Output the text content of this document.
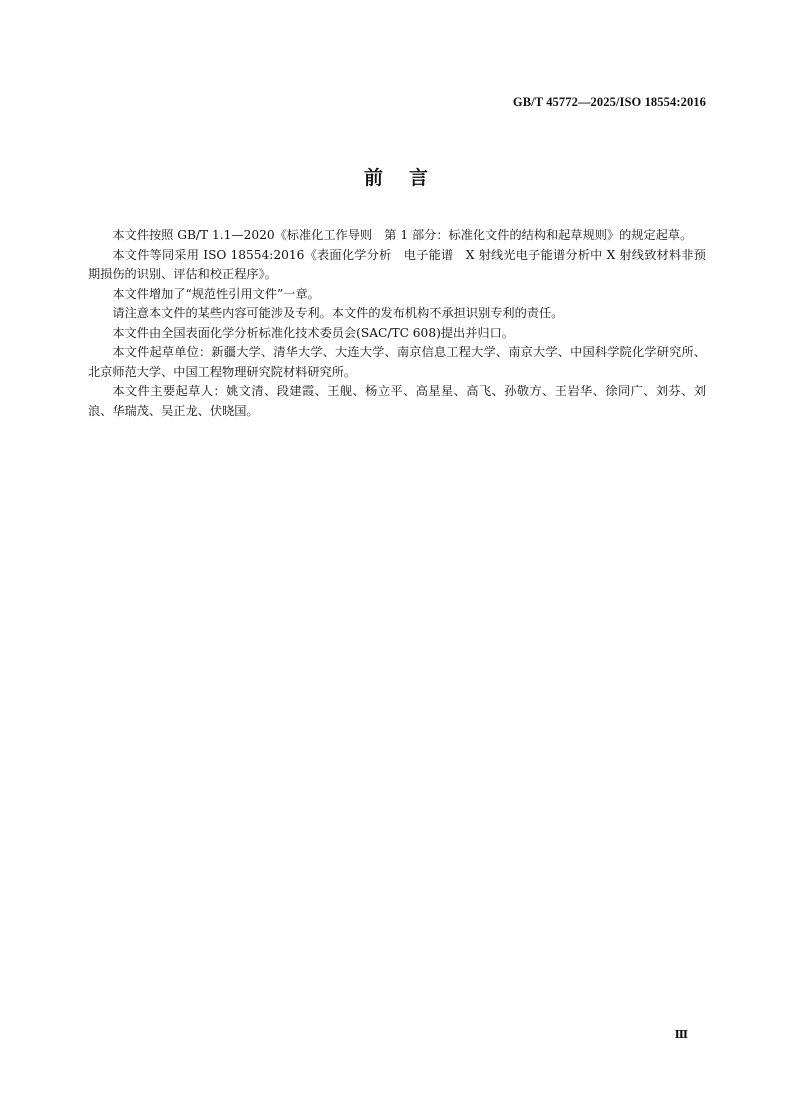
GB/T 45772—2025/ISO 18554:2016
前言

本文件按照 GB/T 1.1—2020《标准化工作导则　第 1 部分：标准化文件的结构和起草规则》的规定起草。

本文件等同采用 ISO 18554:2016《表面化学分析　电子能谱　X 射线光电子能谱分析中 X 射线致材料非预期损伤的识别、评估和校正程序》。

本文件增加了“规范性引用文件”一章。

请注意本文件的某些内容可能涉及专利。本文件的发布机构不承担识别专利的责任。

本文件由全国表面化学分析标准化技术委员会(SAC/TC 608)提出并归口。

本文件起草单位：新疆大学、清华大学、大连大学、南京信息工程大学、南京大学、中国科学院化学研究所、北京师范大学、中国工程物理研究院材料研究所。

本文件主要起草人：姚文清、段建霞、王舰、杨立平、高星星、高飞、孙敬方、王岩华、徐同广、刘芬、刘浪、华瑞茂、吴正龙、伏晓国。

Ⅲ
